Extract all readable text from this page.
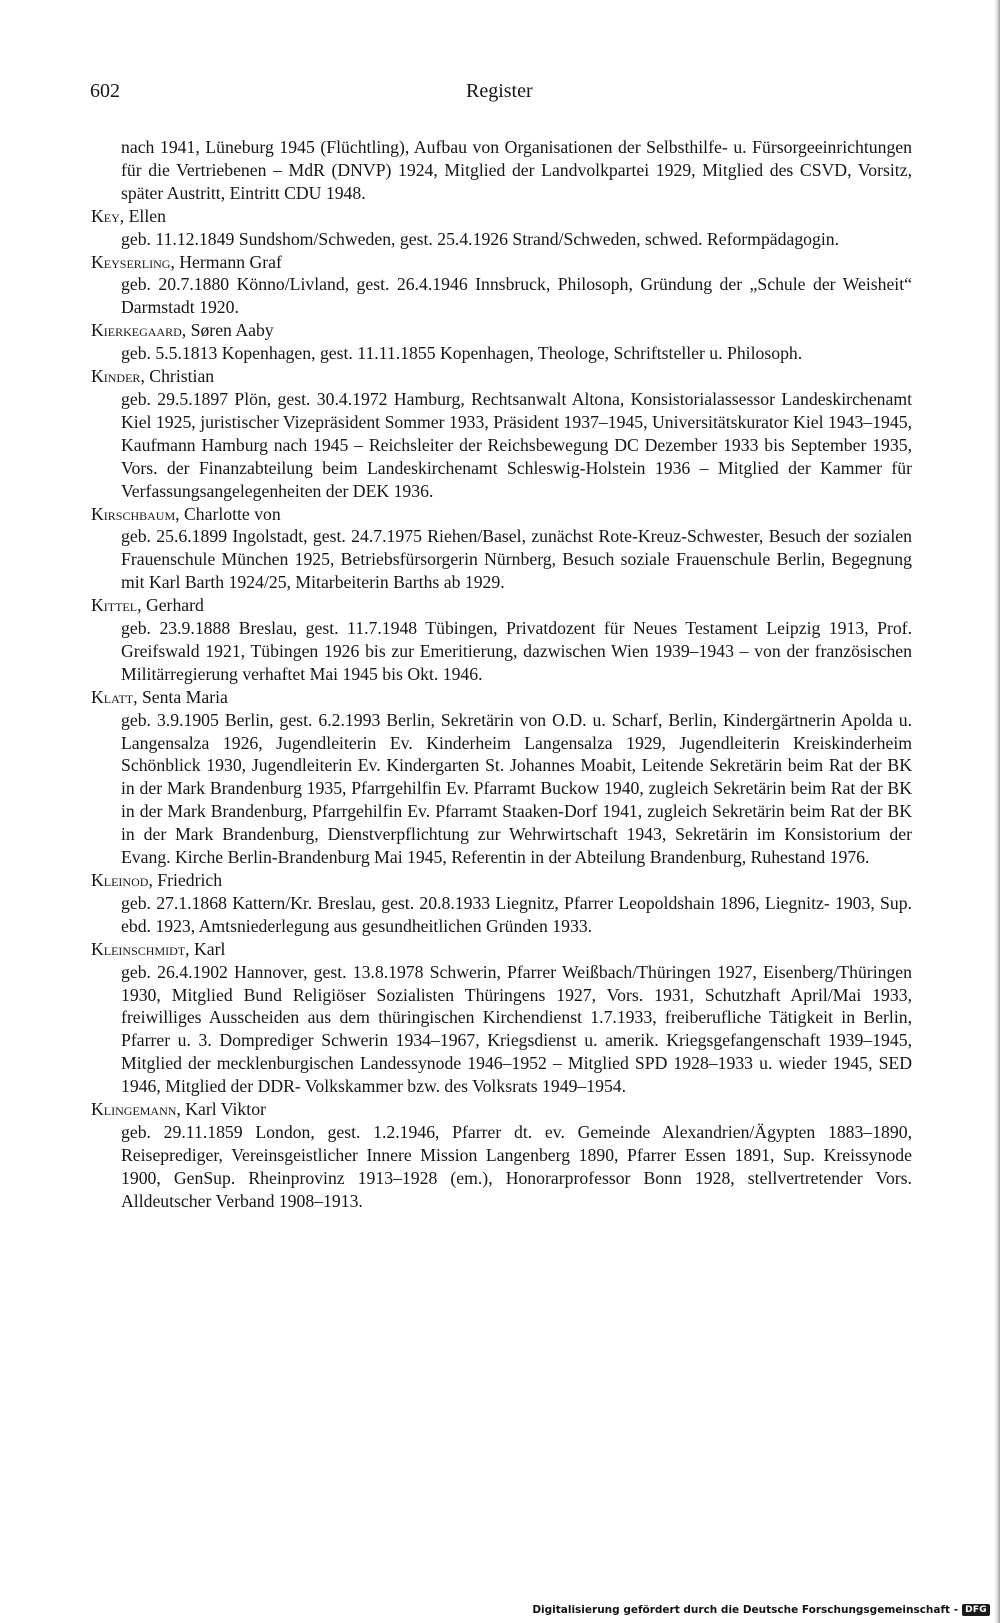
602	Register

nach 1941, Lüneburg 1945 (Flüchtling), Aufbau von Organisationen der Selbsthilfe- u. Fürsorgeeinrichtungen für die Vertriebenen – MdR (DNVP) 1924, Mitglied der Landvolkpartei 1929, Mitglied des CSVD, Vorsitz, später Austritt, Eintritt CDU 1948.

Key, Ellen

geb. 11.12.1849 Sundshom/Schweden, gest. 25.4.1926 Strand/Schweden, schwed. Reformpädagogin.

Keyserling, Hermann Graf

geb. 20.7.1880 Könno/Livland, gest. 26.4.1946 Innsbruck, Philosoph, Gründung der „Schule der Weisheit“ Darmstadt 1920.

Kierkegaard, Søren Aaby

geb. 5.5.1813 Kopenhagen, gest. 11.11.1855 Kopenhagen, Theologe, Schriftsteller u. Philosoph.

Kinder, Christian

geb. 29.5.1897 Plön, gest. 30.4.1972 Hamburg, Rechtsanwalt Altona, Konsistorialassessor Landeskirchenamt Kiel 1925, juristischer Vizepräsident Sommer 1933, Präsident 1937–1945, Universitätskurator Kiel 1943–1945, Kaufmann Hamburg nach 1945 – Reichsleiter der Reichsbewegung DC Dezember 1933 bis September 1935, Vors. der Finanzabteilung beim Landeskirchenamt Schleswig-Holstein 1936 – Mitglied der Kammer für Verfassungsangelegenheiten der DEK 1936.

Kirschbaum, Charlotte von

geb. 25.6.1899 Ingolstadt, gest. 24.7.1975 Riehen/Basel, zunächst Rote-Kreuz-Schwester, Besuch der sozialen Frauenschule München 1925, Betriebsfürsorgerin Nürnberg, Besuch soziale Frauenschule Berlin, Begegnung mit Karl Barth 1924/25, Mitarbeiterin Barths ab 1929.

Kittel, Gerhard

geb. 23.9.1888 Breslau, gest. 11.7.1948 Tübingen, Privatdozent für Neues Testament Leipzig 1913, Prof. Greifswald 1921, Tübingen 1926 bis zur Emeritierung, dazwischen Wien 1939–1943 – von der französischen Militärregierung verhaftet Mai 1945 bis Okt. 1946.

Klatt, Senta Maria

geb. 3.9.1905 Berlin, gest. 6.2.1993 Berlin, Sekretärin von O.D. u. Scharf, Berlin, Kindergärtnerin Apolda u. Langensalza 1926, Jugendleiterin Ev. Kinderheim Langensalza 1929, Jugendleiterin Kreiskinderheim Schönblick 1930, Jugendleiterin Ev. Kindergarten St. Johannes Moabit, Leitende Sekretärin beim Rat der BK in der Mark Brandenburg 1935, Pfarrgehilfin Ev. Pfarramt Buckow 1940, zugleich Sekretärin beim Rat der BK in der Mark Brandenburg, Pfarrgehilfin Ev. Pfarramt Staaken-Dorf 1941, zugleich Sekretärin beim Rat der BK in der Mark Brandenburg, Dienstverpflichtung zur Wehrwirtschaft 1943, Sekretärin im Konsistorium der Evang. Kirche Berlin-Brandenburg Mai 1945, Referentin in der Abteilung Brandenburg, Ruhestand 1976.

Kleinod, Friedrich

geb. 27.1.1868 Kattern/Kr. Breslau, gest. 20.8.1933 Liegnitz, Pfarrer Leopoldshain 1896, Liegnitz- 1903, Sup. ebd. 1923, Amtsniederlegung aus gesundheitlichen Gründen 1933.

Kleinschmidt, Karl

geb. 26.4.1902 Hannover, gest. 13.8.1978 Schwerin, Pfarrer Weißbach/Thüringen 1927, Eisenberg/Thüringen 1930, Mitglied Bund Religiöser Sozialisten Thüringens 1927, Vors. 1931, Schutzhaft April/Mai 1933, freiwilliges Ausscheiden aus dem thüringischen Kirchendienst 1.7.1933, freiberufliche Tätigkeit in Berlin, Pfarrer u. 3. Domprediger Schwerin 1934–1967, Kriegsdienst u. amerik. Kriegsgefangenschaft 1939–1945, Mitglied der mecklenburgischen Landessynode 1946–1952 – Mitglied SPD 1928–1933 u. wieder 1945, SED 1946, Mitglied der DDR- Volkskammer bzw. des Volksrats 1949–1954.

Klingemann, Karl Viktor

geb. 29.11.1859 London, gest. 1.2.1946, Pfarrer dt. ev. Gemeinde Alexandrien/Ägypten 1883–1890, Reiseprediger, Vereinsgeistlicher Innere Mission Langenberg 1890, Pfarrer Essen 1891, Sup. Kreissynode 1900, GenSup. Rheinprovinz 1913–1928 (em.), Honorarprofessor Bonn 1928, stellvertretender Vors. Alldeutscher Verband 1908–1913.

Digitalisierung gefördert durch die Deutsche Forschungsgemeinschaft - DFG
